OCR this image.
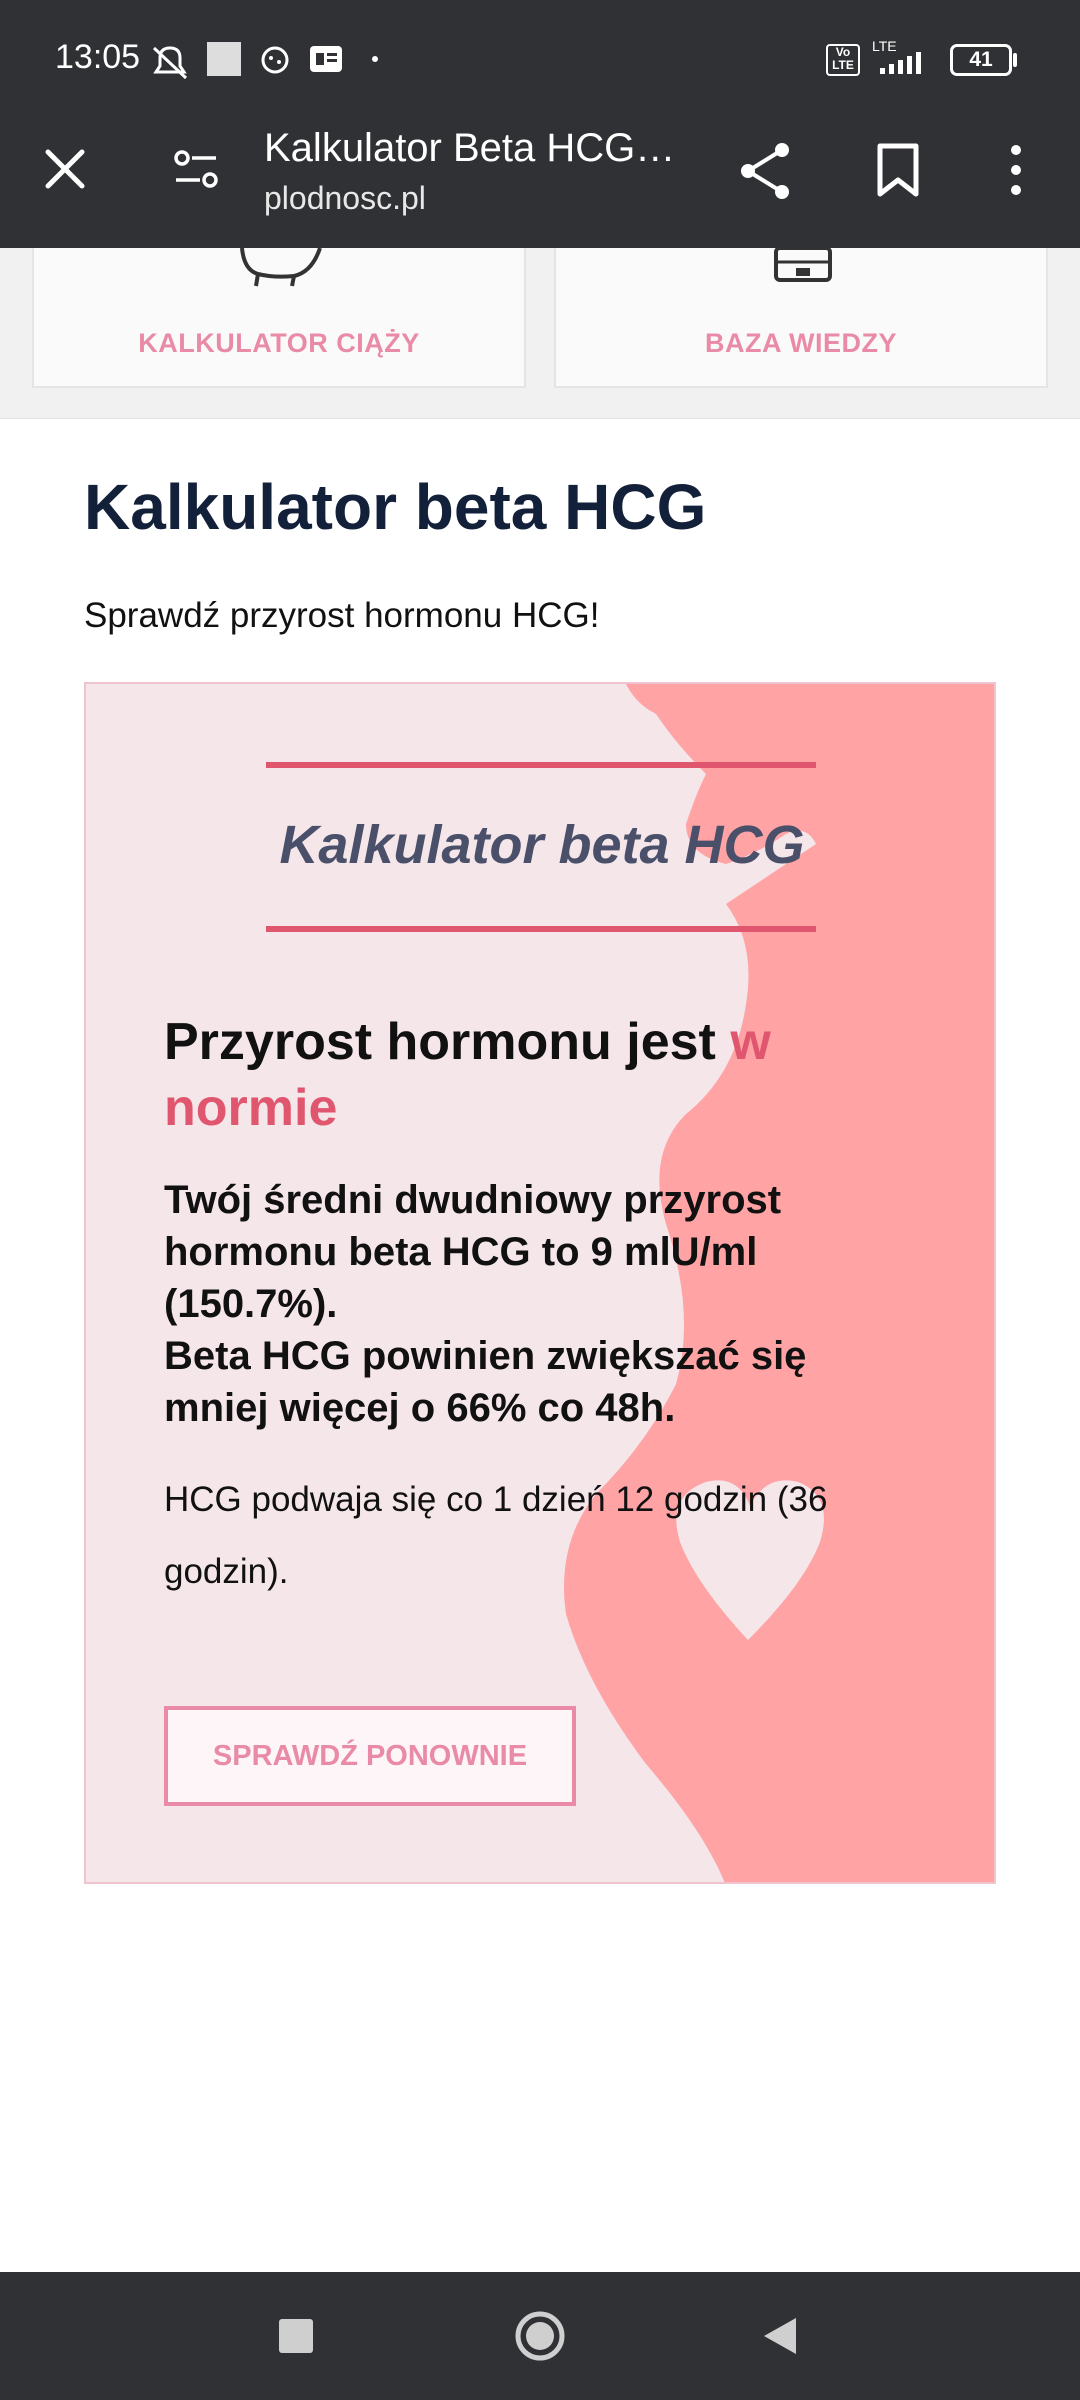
13:05	Vo LTE
LTE
41
Kalkulator Beta HCG…
plodnosc.pl
KALKULATOR CIĄŻY	BAZA WIEDZY
Kalkulator beta HCG
Sprawdź przyrost hormonu HCG!
Kalkulator beta HCG
Przyrost hormonu jest w normie
Twój średni dwudniowy przyrost hormonu beta HCG to 9 mlU/ml (150.7%).
Beta HCG powinien zwiększać się mniej więcej o 66% co 48h.
HCG podwaja się co 1 dzień 12 godzin (36 godzin).
SPRAWDŹ PONOWNIE
